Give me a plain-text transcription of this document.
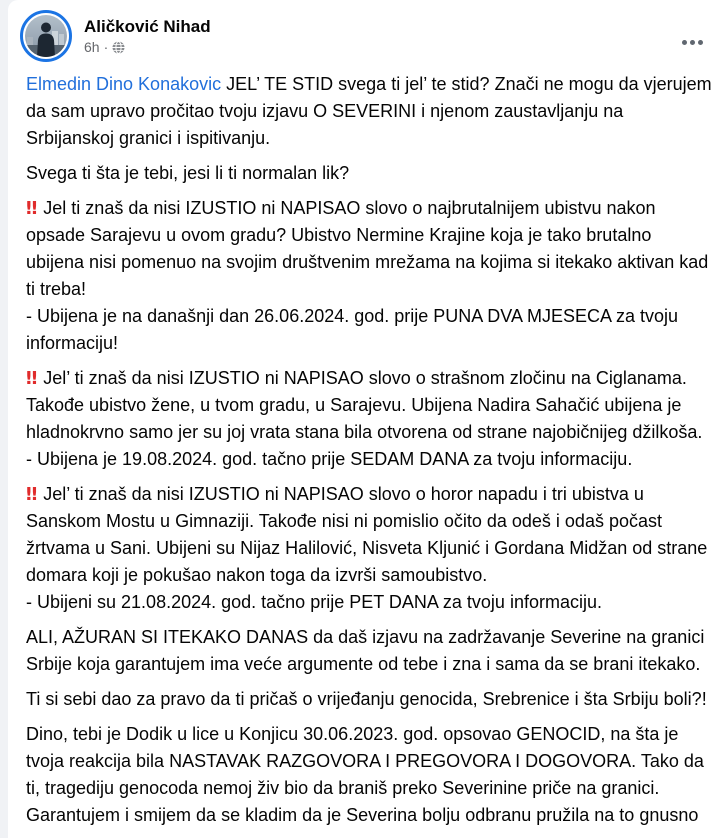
Aličković Nihad
6h ·
Elmedin Dino Konakovic JEL’ TE STID svega ti jel’ te stid? Znači ne mogu da vjerujem da sam upravo pročitao tvoju izjavu O SEVERINI i njenom zaustavljanju na Srbijanskoj granici i ispitivanju.
Svega ti šta je tebi, jesi li ti normalan lik?
‼ Jel ti znaš da nisi IZUSTIO ni NAPISAO slovo o najbrutalnijem ubistvu nakon opsade Sarajevu u ovom gradu? Ubistvo Nermine Krajine koja je tako brutalno ubijena nisi pomenuo na svojim društvenim mrežama na kojima si itekako aktivan kad ti treba!
- Ubijena je na današnji dan 26.06.2024. god. prije PUNA DVA MJESECA za tvoju informaciju!
‼ Jel’ ti znaš da nisi IZUSTIO ni NAPISAO slovo o strašnom zločinu na Ciglanama. Takođe ubistvo žene, u tvom gradu, u Sarajevu. Ubijena Nadira Sahačić ubijena je hladnokrvno samo jer su joj vrata stana bila otvorena od strane najobičnijeg džilkoša.
- Ubijena je 19.08.2024. god. tačno prije SEDAM DANA za tvoju informaciju.
‼ Jel’ ti znaš da nisi IZUSTIO ni NAPISAO slovo o horor napadu i tri ubistva u Sanskom Mostu u Gimnaziji. Takođe nisi ni pomislio očito da odeš i odaš počast žrtvama u Sani. Ubijeni su Nijaz Halilović, Nisveta Kljunić i Gordana Midžan od strane domara koji je pokušao nakon toga da izvrši samoubistvo.
- Ubijeni su 21.08.2024. god. tačno prije PET DANA za tvoju informaciju.
ALI, AŽURAN SI ITEKAKO DANAS da daš izjavu na zadržavanje Severine na granici Srbije koja garantujem ima veće argumente od tebe i zna i sama da se brani itekako.
Ti si sebi dao za pravo da ti pričaš o vrijeđanju genocida, Srebrenice i šta Srbiju boli?!
Dino, tebi je Dodik u lice u Konjicu 30.06.2023. god. opsovao GENOCID, na šta je tvoja reakcija bila NASTAVAK RAZGOVORA I PREGOVORA I DOGOVORA. Tako da ti, tragediju genocoda nemoj živ bio da braniš preko Severinine priče na granici. Garantujem i smijem da se kladim da je Severina bolju odbranu pružila na to gnusno
